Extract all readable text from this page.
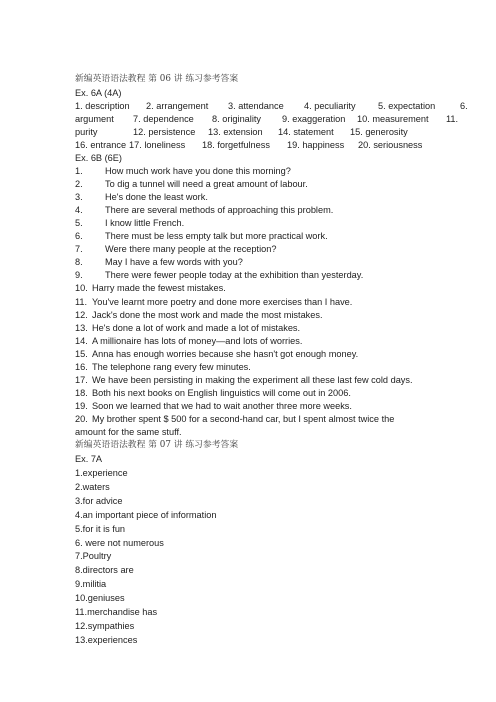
新编英语语法教程 第 06 讲 练习参考答案
Ex. 6A (4A)
1. description 2. arrangement 3. attendance 4. peculiarity 5. expectation	6.
argument 7. dependence 8. originality 9. exaggeration 10. measurement 11.
purity	12. persistence 13. extension 14. statement 15. generosity
16. entrance 17. loneliness 18. forgetfulness 19. happiness 20. seriousness
Ex. 6B (6E)
1. How much work have you done this morning?
2. To dig a tunnel will need a great amount of labour.
3. He's done the least work.
4. There are several methods of approaching this problem.
5. I know little French.
6. There must be less empty talk but more practical work.
7. Were there many people at the reception?
8. May I have a few words with you?
9. There were fewer people today at the exhibition than yesterday.
10. Harry made the fewest mistakes.
11. You've learnt more poetry and done more exercises than I have.
12. Jack's done the most work and made the most mistakes.
13. He's done a lot of work and made a lot of mistakes.
14. A millionaire has lots of money—and lots of worries.
15. Anna has enough worries because she hasn't got enough money.
16. The telephone rang every few minutes.
17. We have been persisting in making the experiment all these last few cold days.
18. Both his next books on English linguistics will come out in 2006.
19. Soon we learned that we had to wait another three more weeks.
20. My brother spent $ 500 for a second-hand car, but I spent almost twice the
amount for the same stuff.
新编英语语法教程 第 07 讲 练习参考答案
Ex. 7A
1.experience
2.waters
3.for advice
4.an important piece of information
5.for it is fun
6. were not numerous
7.Poultry
8.directors are
9.militia
10.geniuses
11.merchandise has
12.sympathies
13.experiences
